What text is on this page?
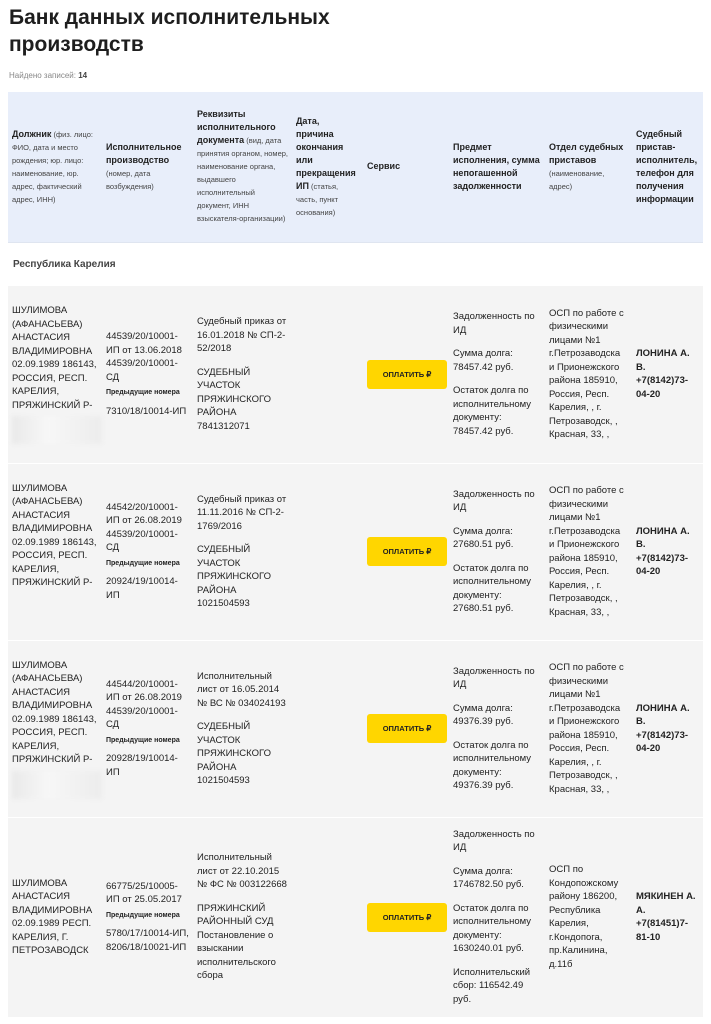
Банк данных исполнительных производств
Найдено записей: 14
Должник (физ. лицо: ФИО, дата и место рождения; юр. лицо: наименование, юр. адрес, фактический адрес, ИНН)	Исполнительное производство (номер, дата возбуждения)	Реквизиты исполнительного документа (вид, дата принятия органом, номер, наименование органа, выдавшего исполнительный документ, ИНН взыскателя-организации)	Дата, причина окончания или прекращения ИП (статья, часть, пункт основания)	Сервис	Предмет исполнения, сумма непогашенной задолженности	Отдел судебных приставов (наименование, адрес)	Судебный пристав-исполнитель, телефон для получения информации
Республика Карелия							
ШУЛИМОВА (АФАНАСЬЕВА) АНАСТАСИЯ ВЛАДИМИРОВНА 02.09.1989 186143, РОССИЯ, РЕСП. КАРЕЛИЯ, ПРЯЖИНСКИЙ Р-	44539/20/10001-ИП от 13.06.2018 44539/20/10001-СД
Предыдущие номера
7310/18/10014-ИП	Судебный приказ от 16.01.2018 № СП-2-52/2018
СУДЕБНЫЙ УЧАСТОК ПРЯЖИНСКОГО РАЙОНА 7841312071		ОПЛАТИТЬ ₽	Задолженность по ИД
Сумма долга: 78457.42 руб.
Остаток долга по исполнительному документу: 78457.42 руб.	ОСП по работе с физическими лицами №1 г.Петрозаводска и Прионежского района 185910, Россия, Респ. Карелия, , г. Петрозаводск, , Красная, 33, ,	ЛОНИНА А. В.
+7(8142)73-04-20

ШУЛИМОВА (АФАНАСЬЕВА) АНАСТАСИЯ ВЛАДИМИРОВНА 02.09.1989 186143, РОССИЯ, РЕСП. КАРЕЛИЯ, ПРЯЖИНСКИЙ Р-	44542/20/10001-ИП от 26.08.2019 44539/20/10001-СД
Предыдущие номера
20924/19/10014-ИП	Судебный приказ от 11.11.2016 № СП-2-1769/2016
СУДЕБНЫЙ УЧАСТОК ПРЯЖИНСКОГО РАЙОНА 1021504593		ОПЛАТИТЬ ₽	Задолженность по ИД
Сумма долга: 27680.51 руб.
Остаток долга по исполнительному документу: 27680.51 руб.	ОСП по работе с физическими лицами №1 г.Петрозаводска и Прионежского района 185910, Россия, Респ. Карелия, , г. Петрозаводск, , Красная, 33, ,	ЛОНИНА А. В.
+7(8142)73-04-20

ШУЛИМОВА (АФАНАСЬЕВА) АНАСТАСИЯ ВЛАДИМИРОВНА 02.09.1989 186143, РОССИЯ, РЕСП. КАРЕЛИЯ, ПРЯЖИНСКИЙ Р-	44544/20/10001-ИП от 26.08.2019 44539/20/10001-СД
Предыдущие номера
20928/19/10014-ИП	Исполнительный лист от 16.05.2014 № ВС № 034024193
СУДЕБНЫЙ УЧАСТОК ПРЯЖИНСКОГО РАЙОНА 1021504593		ОПЛАТИТЬ ₽	Задолженность по ИД
Сумма долга: 49376.39 руб.
Остаток долга по исполнительному документу: 49376.39 руб.	ОСП по работе с физическими лицами №1 г.Петрозаводска и Прионежского района 185910, Россия, Респ. Карелия, , г. Петрозаводск, , Красная, 33, ,	ЛОНИНА А. В.
+7(8142)73-04-20

ШУЛИМОВА АНАСТАСИЯ ВЛАДИМИРОВНА 02.09.1989 РЕСП. КАРЕЛИЯ, Г. ПЕТРОЗАВОДСК	66775/25/10005-ИП от 25.05.2017
Предыдущие номера
5780/17/10014-ИП, 8206/18/10021-ИП	Исполнительный лист от 22.10.2015 № ФС № 003122668
ПРЯЖИНСКИЙ РАЙОННЫЙ СУД Постановление о взыскании исполнительского сбора		ОПЛАТИТЬ ₽	Задолженность по ИД
Сумма долга: 1746782.50 руб.
Остаток долга по исполнительному документу: 1630240.01 руб.
Исполнительский сбор: 116542.49 руб.	ОСП по Кондопожскому району 186200, Республика Карелия, г.Кондопога, пр.Калинина, д.11б	МЯКИНЕН А. А.
+7(81451)7-81-10
